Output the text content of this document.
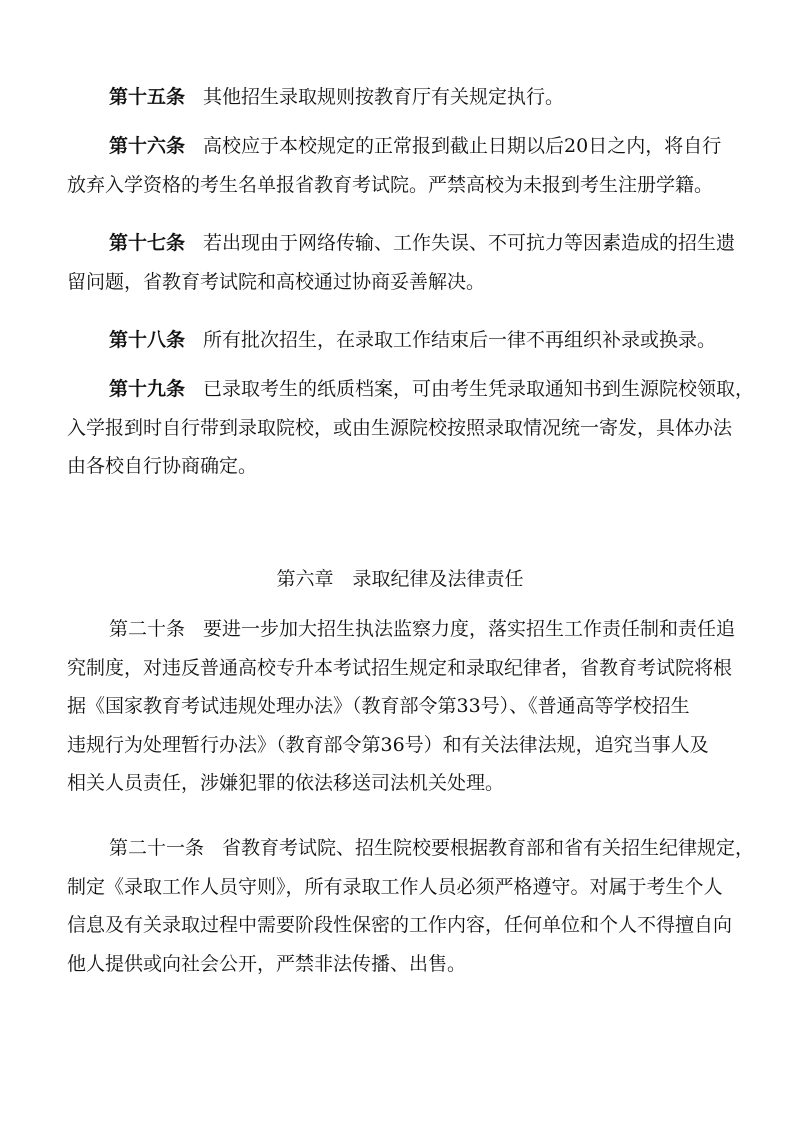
第十五条 其他招生录取规则按教育厅有关规定执行。
第十六条 高校应于本校规定的正常报到截止日期以后20日之内，将自行
放弃入学资格的考生名单报省教育考试院。严禁高校为未报到考生注册学籍。
第十七条 若出现由于网络传输、工作失误、不可抗力等因素造成的招生遗
留问题，省教育考试院和高校通过协商妥善解决。
第十八条 所有批次招生，在录取工作结束后一律不再组织补录或换录。
第十九条 已录取考生的纸质档案，可由考生凭录取通知书到生源院校领取，
入学报到时自行带到录取院校，或由生源院校按照录取情况统一寄发，具体办法
由各校自行协商确定。
第六章 录取纪律及法律责任
第二十条 要进一步加大招生执法监察力度，落实招生工作责任制和责任追
究制度，对违反普通高校专升本考试招生规定和录取纪律者，省教育考试院将根
据《国家教育考试违规处理办法》（教育部令第33号）、《普通高等学校招生
违规行为处理暂行办法》（教育部令第36号）和有关法律法规，追究当事人及
相关人员责任，涉嫌犯罪的依法移送司法机关处理。
第二十一条 省教育考试院、招生院校要根据教育部和省有关招生纪律规定，
制定《录取工作人员守则》，所有录取工作人员必须严格遵守。对属于考生个人
信息及有关录取过程中需要阶段性保密的工作内容，任何单位和个人不得擅自向
他人提供或向社会公开，严禁非法传播、出售。
